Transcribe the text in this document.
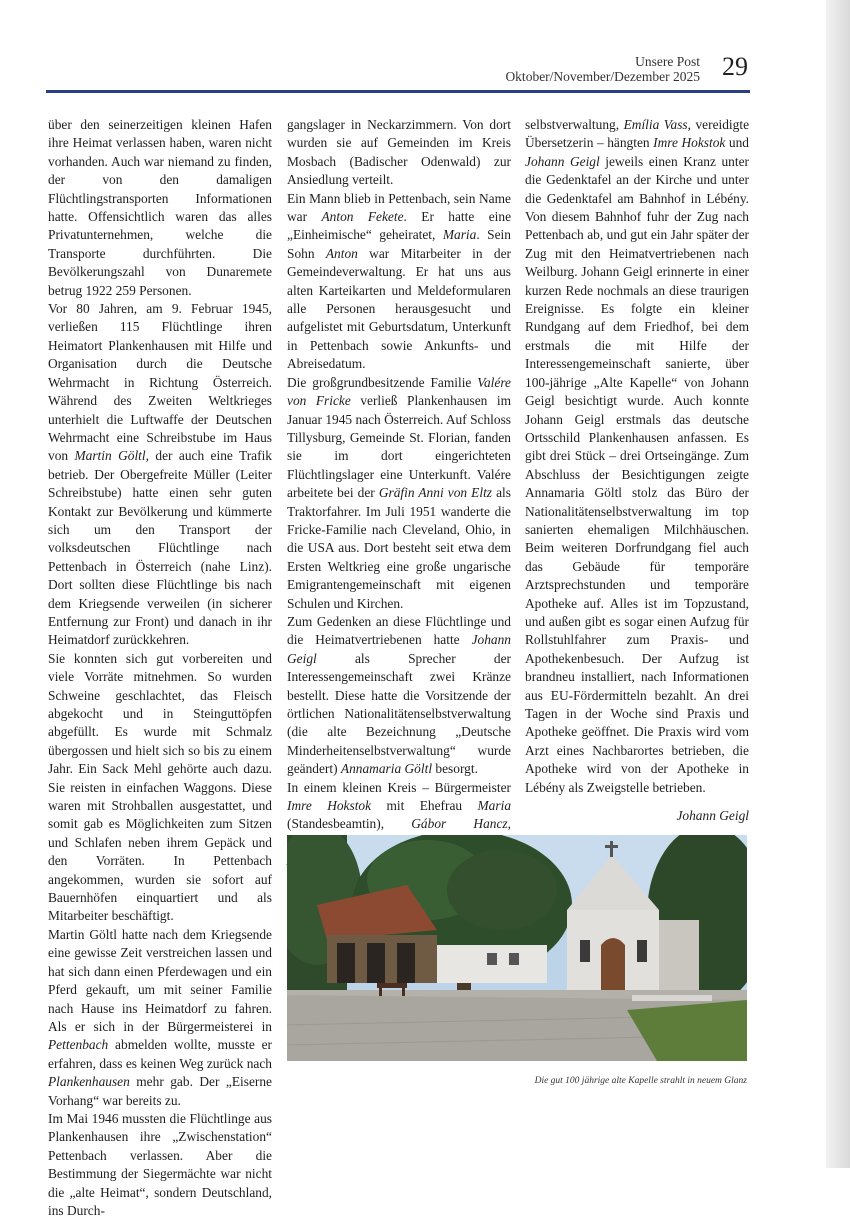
Unsere Post
Oktober/November/Dezember 2025 29

über den seinerzeitigen kleinen Hafen ihre Heimat verlassen haben, waren nicht vorhanden. Auch war niemand zu finden, der von den damaligen Flüchtlingstransporten Informationen hatte. Offensichtlich waren das alles Privatunternehmen, welche die Transporte durchführten. Die Bevölkerungszahl von Dunaremete betrug 1922 259 Personen.

Vor 80 Jahren, am 9. Februar 1945, verließen 115 Flüchtlinge ihren Heimatort Plankenhausen mit Hilfe und Organisation durch die Deutsche Wehrmacht in Richtung Österreich. Während des Zweiten Weltkrieges unterhielt die Luftwaffe der Deutschen Wehrmacht eine Schreibstube im Haus von Martin Göltl, der auch eine Trafik betrieb. Der Obergefreite Müller (Leiter Schreibstube) hatte einen sehr guten Kontakt zur Bevölkerung und kümmerte sich um den Transport der volksdeutschen Flüchtlinge nach Pettenbach in Österreich (nahe Linz). Dort sollten diese Flüchtlinge bis nach dem Kriegsende verweilen (in sicherer Entfernung zur Front) und danach in ihr Heimatdorf zurückkehren.

Sie konnten sich gut vorbereiten und viele Vorräte mitnehmen. So wurden Schweine geschlachtet, das Fleisch abgekocht und in Steinguttöpfen abgefüllt. Es wurde mit Schmalz übergossen und hielt sich so bis zu einem Jahr. Ein Sack Mehl gehörte auch dazu. Sie reisten in einfachen Waggons. Diese waren mit Strohballen ausgestattet, und somit gab es Möglichkeiten zum Sitzen und Schlafen neben ihrem Gepäck und den Vorräten. In Pettenbach angekommen, wurden sie sofort auf Bauernhöfen einquartiert und als Mitarbeiter beschäftigt.

Martin Göltl hatte nach dem Kriegsende eine gewisse Zeit verstreichen lassen und hat sich dann einen Pferdewagen und ein Pferd gekauft, um mit seiner Familie nach Hause ins Heimatdorf zu fahren. Als er sich in der Bürgermeisterei in Pettenbach abmelden wollte, musste er erfahren, dass es keinen Weg zurück nach Plankenhausen mehr gab. Der „Eiserne Vorhang“ war bereits zu.

Im Mai 1946 mussten die Flüchtlinge aus Plankenhausen ihre „Zwischenstation“ Pettenbach verlassen. Aber die Bestimmung der Siegermächte war nicht die „alte Heimat“, sondern Deutschland, ins Durch-

gangslager in Neckarzimmern. Von dort wurden sie auf Gemeinden im Kreis Mosbach (Badischer Odenwald) zur Ansiedlung verteilt.

Ein Mann blieb in Pettenbach, sein Name war Anton Fekete. Er hatte eine „Einheimische“ geheiratet, Maria. Sein Sohn Anton war Mitarbeiter in der Gemeindeverwaltung. Er hat uns aus alten Karteikarten und Meldeformularen alle Personen herausgesucht und aufgelistet mit Geburtsdatum, Unterkunft in Pettenbach sowie Ankunfts- und Abreisedatum.

Die großgrundbesitzende Familie Valére von Fricke verließ Plankenhausen im Januar 1945 nach Österreich. Auf Schloss Tillysburg, Gemeinde St. Florian, fanden sie im dort eingerichteten Flüchtlingslager eine Unterkunft. Valére arbeitete bei der Gräfin Anni von Eltz als Traktorfahrer. Im Juli 1951 wanderte die Fricke-Familie nach Cleveland, Ohio, in die USA aus. Dort besteht seit etwa dem Ersten Weltkrieg eine große ungarische Emigrantengemeinschaft mit eigenen Schulen und Kirchen.

Zum Gedenken an diese Flüchtlinge und die Heimatvertriebenen hatte Johann Geigl als Sprecher der Interessengemeinschaft zwei Kränze bestellt. Diese hatte die Vorsitzende der örtlichen Nationalitätenselbstverwaltung (die alte Bezeichnung „Deutsche Minderheitenselbstverwaltung“ wurde geändert) Annamaria Göltl besorgt.

In einem kleinen Kreis – Bürgermeister Imre Hokstok mit Ehefrau Maria (Standesbeamtin), Gábor Hancz,

selbstverwaltung, Emília Vass, vereidigte Übersetzerin – hängten Imre Hokstok und Johann Geigl jeweils einen Kranz unter die Gedenktafel an der Kirche und unter die Gedenktafel am Bahnhof in Lébény. Von diesem Bahnhof fuhr der Zug nach Pettenbach ab, und gut ein Jahr später der Zug mit den Heimatvertriebenen nach Weilburg. Johann Geigl erinnerte in einer kurzen Rede nochmals an diese traurigen Ereignisse. Es folgte ein kleiner Rundgang auf dem Friedhof, bei dem erstmals die mit Hilfe der Interessengemeinschaft sanierte, über 100-jährige „Alte Kapelle“ von Johann Geigl besichtigt wurde. Auch konnte Johann Geigl erstmals das deutsche Ortsschild Plankenhausen anfassen. Es gibt drei Stück – drei Ortseingänge. Zum Abschluss der Besichtigungen zeigte Annamaria Göltl stolz das Büro der Nationalitätenselbstverwaltung im top sanierten ehemaligen Milchhäuschen. Beim weiteren Dorfrundgang fiel auch das Gebäude für temporäre Arztsprechstunden und temporäre Apotheke auf. Alles ist im Topzustand, und außen gibt es sogar einen Aufzug für Rollstuhlfahrer zum Praxis- und Apothekenbesuch. Der Aufzug ist brandneu installiert, nach Informationen aus EU-Fördermitteln bezahlt. An drei Tagen in der Woche sind Praxis und Apotheke geöffnet. Die Praxis wird vom Arzt eines Nachbarortes betrieben, die Apotheke wird von der Apotheke in Lébény als Zweigstelle betrieben.

Johann Geigl

Die gut 100 jährige alte Kapelle strahlt in neuem Glanz
